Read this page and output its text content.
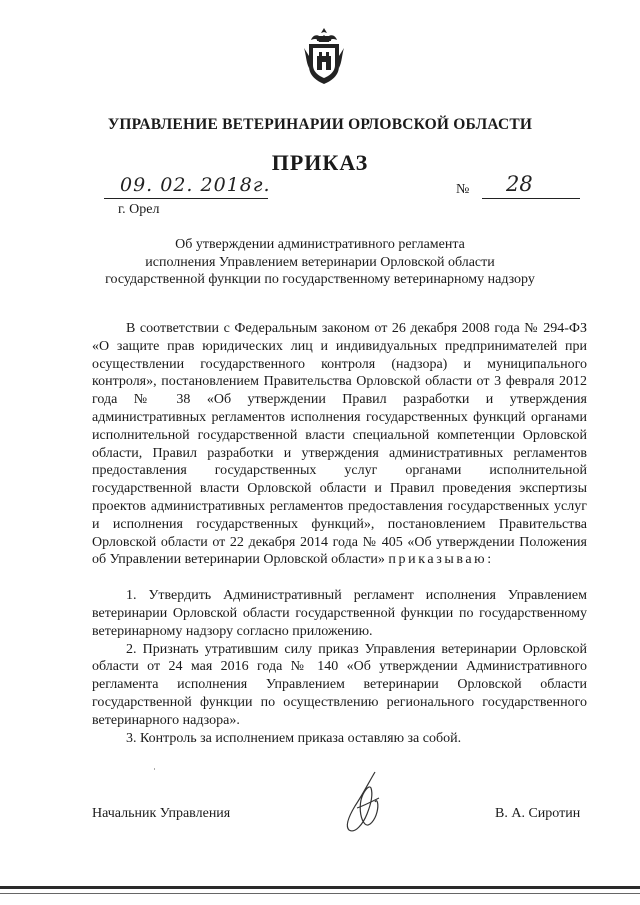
УПРАВЛЕНИЕ ВЕТЕРИНАРИИ ОРЛОВСКОЙ ОБЛАСТИ
ПРИКАЗ
09. 02. 2018г.	№ 28
г. Орел
Об утверждении административного регламента
исполнения Управлением ветеринарии Орловской области
государственной функции по государственному ветеринарному надзору

В соответствии с Федеральным законом от 26 декабря 2008 года № 294-ФЗ «О защите прав юридических лиц и индивидуальных предпринимателей при осуществлении государственного контроля (надзора) и муниципального контроля», постановлением Правительства Орловской области от 3 февраля 2012 года № 38 «Об утверждении Правил разработки и утверждения административных регламентов исполнения государственных функций органами исполнительной государственной власти специальной компетенции Орловской области, Правил разработки и утверждения административных регламентов предоставления государственных услуг органами исполнительной государственной власти Орловской области и Правил проведения экспертизы проектов административных регламентов предоставления государственных услуг и исполнения государственных функций», постановлением Правительства Орловской области от 22 декабря 2014 года № 405 «Об утверждении Положения об Управлении ветеринарии Орловской области» приказываю:

1. Утвердить Административный регламент исполнения Управлением ветеринарии Орловской области государственной функции по государственному ветеринарному надзору согласно приложению.

2. Признать утратившим силу приказ Управления ветеринарии Орловской области от 24 мая 2016 года № 140 «Об утверждении Административного регламента исполнения Управлением ветеринарии Орловской области государственной функции по осуществлению регионального государственного ветеринарного надзора».

3. Контроль за исполнением приказа оставляю за собой.

Начальник Управления	В. А. Сиротин
